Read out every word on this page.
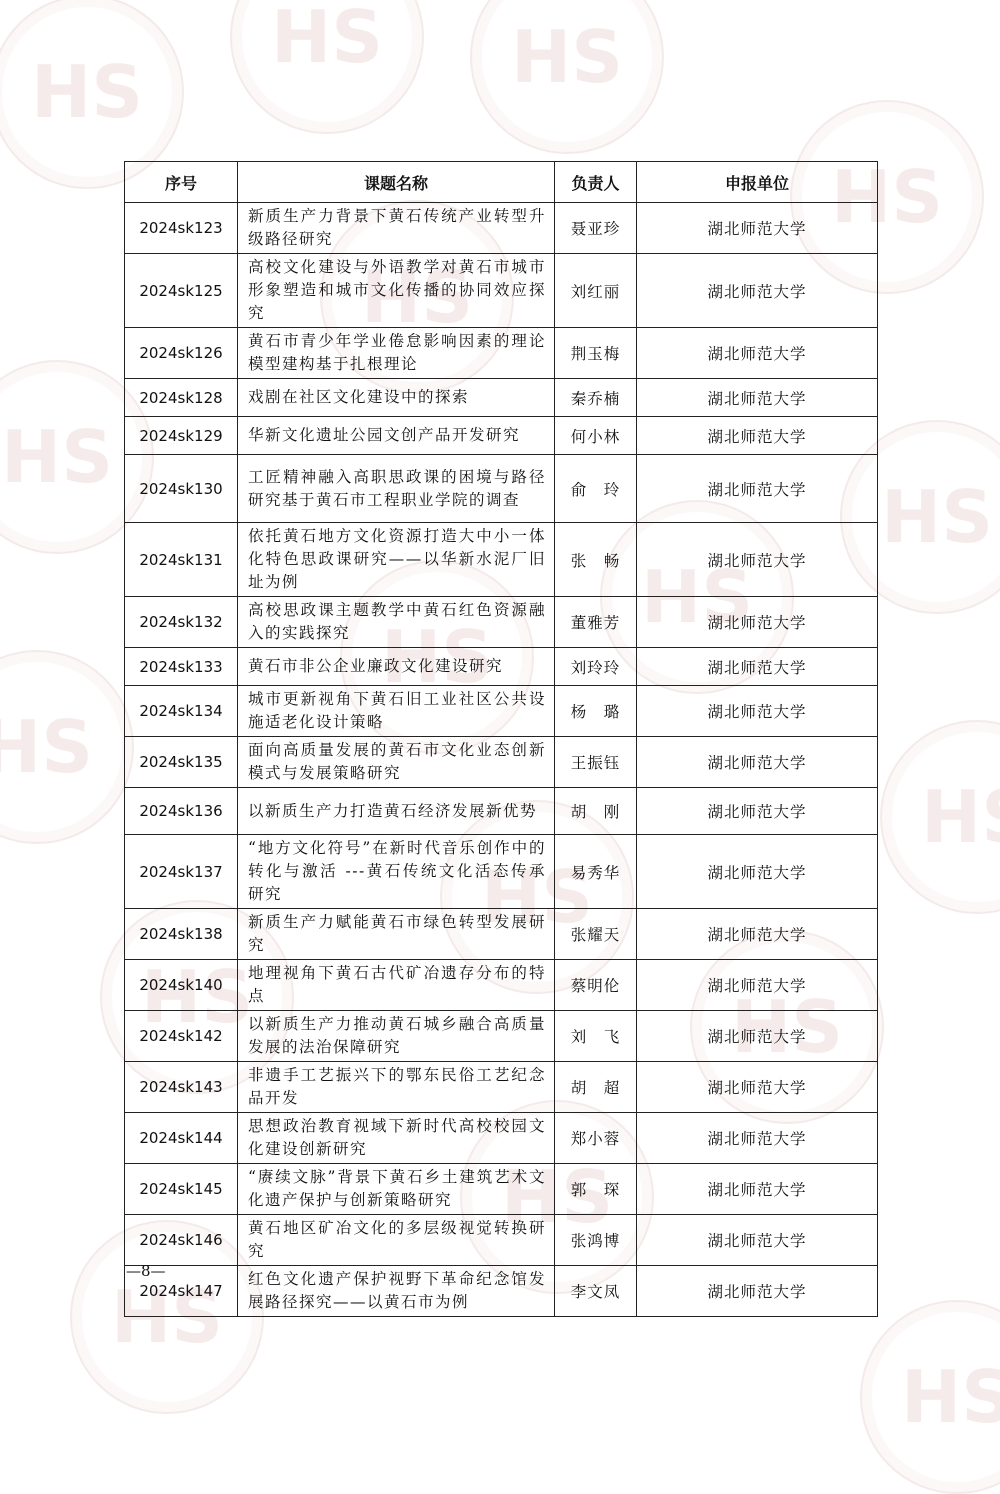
HS
HS
HS
HS
HS
HS
HS
HS
HS
HS
HS
HS
HS
HS
HS
HS
HS
序号	课题名称	负责人	申报单位
2024sk123	新质生产力背景下黄石传统产业转型升级路径研究	聂亚珍	湖北师范大学
2024sk125	高校文化建设与外语教学对黄石市城市形象塑造和城市文化传播的协同效应探究	刘红丽	湖北师范大学
2024sk126	黄石市青少年学业倦怠影响因素的理论模型建构基于扎根理论	荆玉梅	湖北师范大学
2024sk128	戏剧在社区文化建设中的探索	秦乔楠	湖北师范大学
2024sk129	华新文化遗址公园文创产品开发研究	何小林	湖北师范大学
2024sk130	工匠精神融入高职思政课的困境与路径研究基于黄石市工程职业学院的调查	俞　玲	湖北师范大学
2024sk131	依托黄石地方文化资源打造大中小一体化特色思政课研究——以华新水泥厂旧址为例	张　畅	湖北师范大学
2024sk132	高校思政课主题教学中黄石红色资源融入的实践探究	董雅芳	湖北师范大学
2024sk133	黄石市非公企业廉政文化建设研究	刘玲玲	湖北师范大学
2024sk134	城市更新视角下黄石旧工业社区公共设施适老化设计策略	杨　璐	湖北师范大学
2024sk135	面向高质量发展的黄石市文化业态创新模式与发展策略研究	王振钰	湖北师范大学
2024sk136	以新质生产力打造黄石经济发展新优势	胡　刚	湖北师范大学
2024sk137	“地方文化符号”在新时代音乐创作中的转化与激活 ---黄石传统文化活态传承研究	易秀华	湖北师范大学
2024sk138	新质生产力赋能黄石市绿色转型发展研究	张耀天	湖北师范大学
2024sk140	地理视角下黄石古代矿冶遗存分布的特点	蔡明伦	湖北师范大学
2024sk142	以新质生产力推动黄石城乡融合高质量发展的法治保障研究	刘　飞	湖北师范大学
2024sk143	非遗手工艺振兴下的鄂东民俗工艺纪念品开发	胡　超	湖北师范大学
2024sk144	思想政治教育视域下新时代高校校园文化建设创新研究	郑小蓉	湖北师范大学
2024sk145	“赓续文脉”背景下黄石乡土建筑艺术文化遗产保护与创新策略研究	郭　琛	湖北师范大学
2024sk146	黄石地区矿冶文化的多层级视觉转换研究	张鸿博	湖北师范大学
2024sk147	红色文化遗产保护视野下革命纪念馆发展路径探究——以黄石市为例	李文凤	湖北师范大学
—8—
